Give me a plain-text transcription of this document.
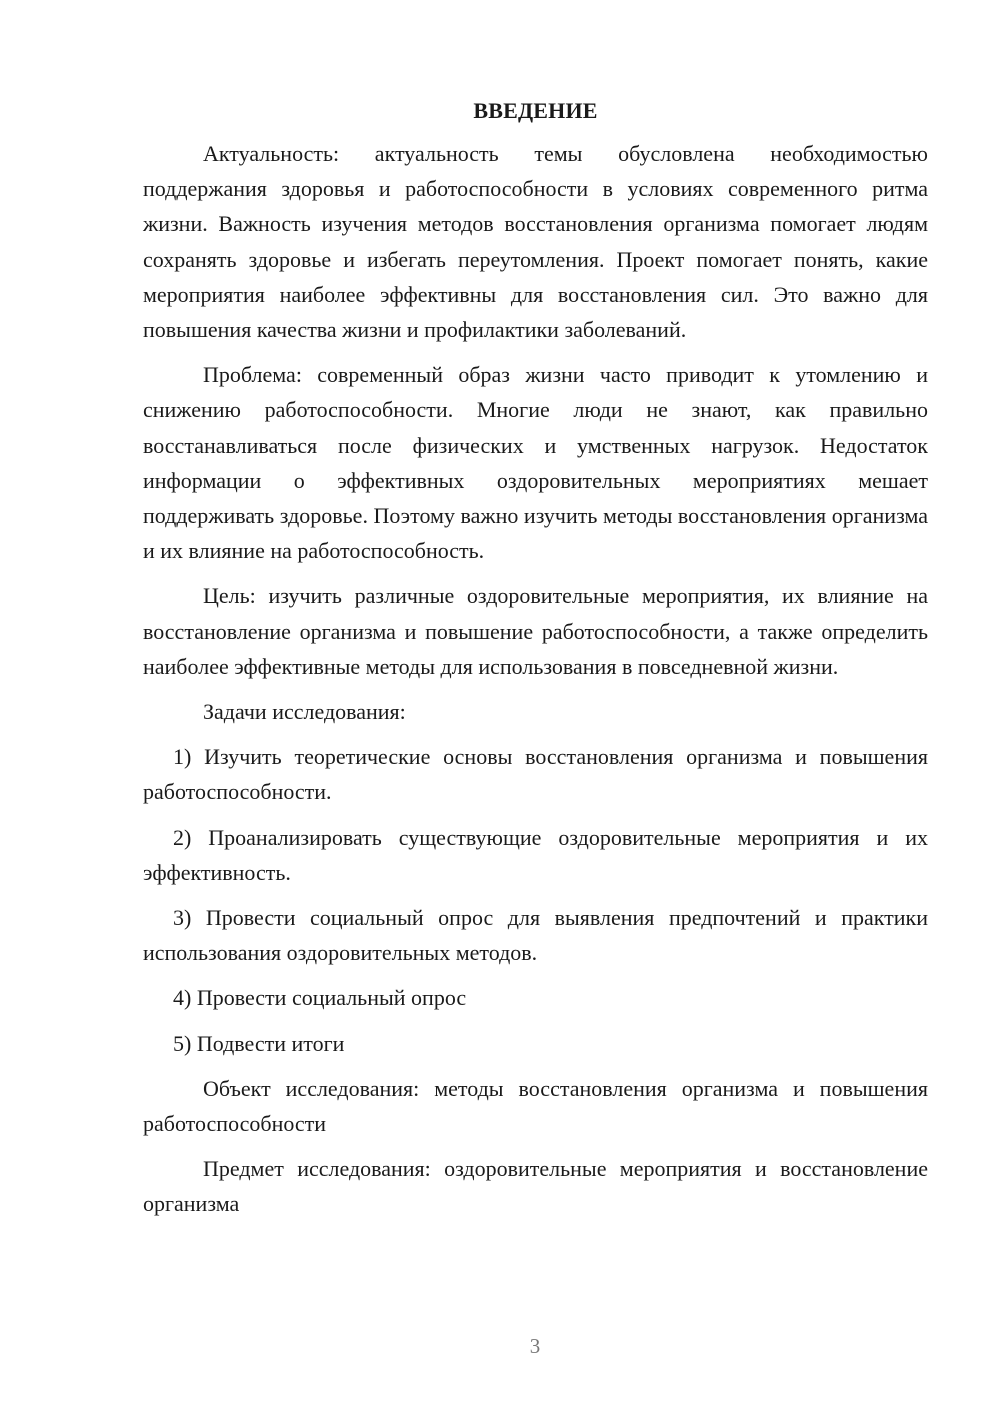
ВВЕДЕНИЕ

Актуальность: актуальность темы обусловлена необходимостью поддержания здоровья и работоспособности в условиях современного ритма жизни. Важность изучения методов восстановления организма помогает людям сохранять здоровье и избегать переутомления. Проект помогает понять, какие мероприятия наиболее эффективны для восстановления сил. Это важно для повышения качества жизни и профилактики заболеваний.

Проблема: современный образ жизни часто приводит к утомлению и снижению работоспособности. Многие люди не знают, как правильно восстанавливаться после физических и умственных нагрузок. Недостаток информации о эффективных оздоровительных мероприятиях мешает поддерживать здоровье. Поэтому важно изучить методы восстановления организма и их влияние на работоспособность.

Цель: изучить различные оздоровительные мероприятия, их влияние на восстановление организма и повышение работоспособности, а также определить наиболее эффективные методы для использования в повседневной жизни.

Задачи исследования:

1) Изучить теоретические основы восстановления организма и повышения работоспособности.

2) Проанализировать существующие оздоровительные мероприятия и их эффективность.

3) Провести социальный опрос для выявления предпочтений и практики использования оздоровительных методов.

4) Провести социальный опрос

5) Подвести итоги

Объект исследования: методы восстановления организма и повышения работоспособности

Предмет исследования: оздоровительные мероприятия и восстановление организма

3
